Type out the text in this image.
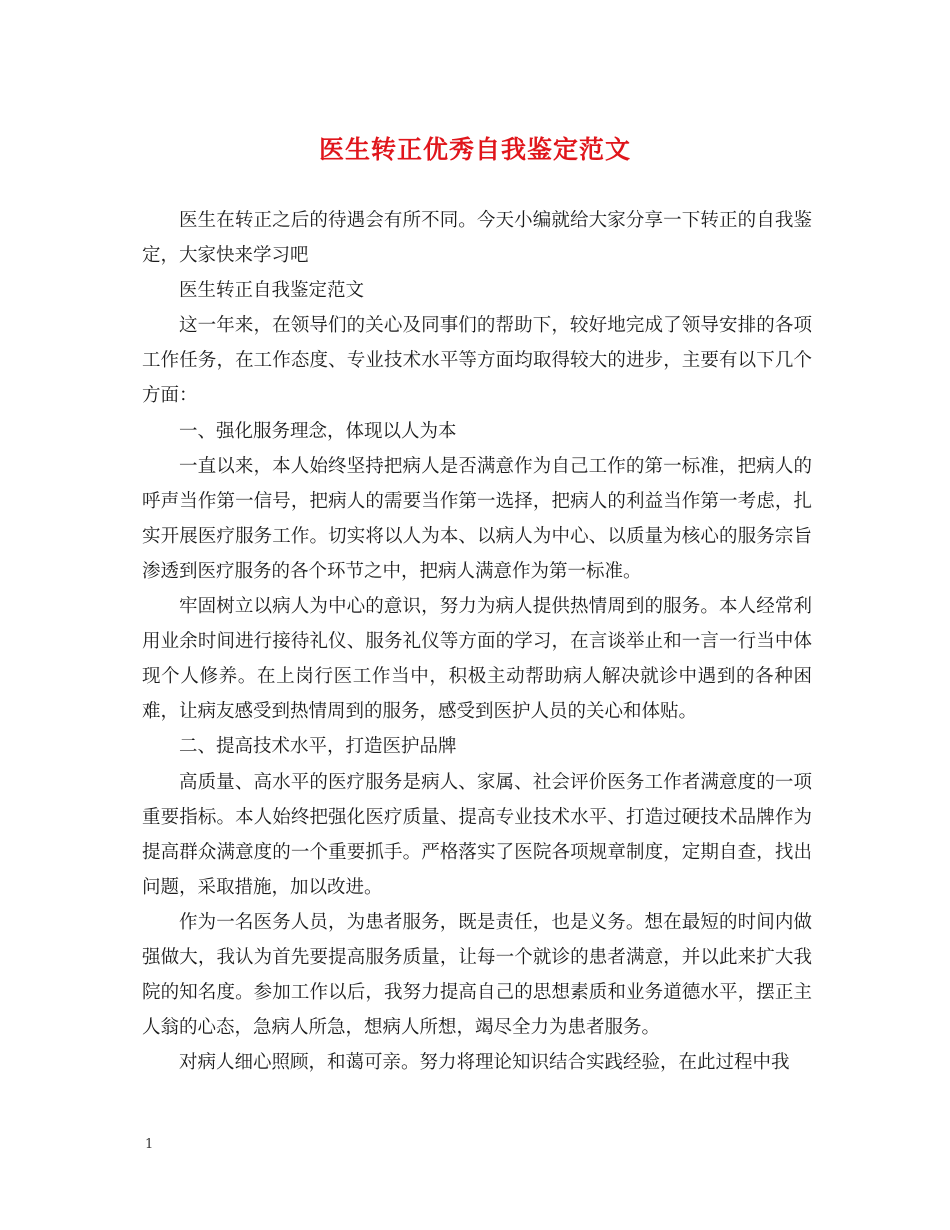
医生转正优秀自我鉴定范文

医生在转正之后的待遇会有所不同。今天小编就给大家分享一下转正的自我鉴定，大家快来学习吧

医生转正自我鉴定范文

这一年来，在领导们的关心及同事们的帮助下，较好地完成了领导安排的各项工作任务，在工作态度、专业技术水平等方面均取得较大的进步，主要有以下几个方面：

一、强化服务理念，体现以人为本

一直以来，本人始终坚持把病人是否满意作为自己工作的第一标准，把病人的呼声当作第一信号，把病人的需要当作第一选择，把病人的利益当作第一考虑，扎实开展医疗服务工作。切实将以人为本、以病人为中心、以质量为核心的服务宗旨渗透到医疗服务的各个环节之中，把病人满意作为第一标准。

牢固树立以病人为中心的意识，努力为病人提供热情周到的服务。本人经常利用业余时间进行接待礼仪、服务礼仪等方面的学习，在言谈举止和一言一行当中体现个人修养。在上岗行医工作当中，积极主动帮助病人解决就诊中遇到的各种困难，让病友感受到热情周到的服务，感受到医护人员的关心和体贴。

二、提高技术水平，打造医护品牌

高质量、高水平的医疗服务是病人、家属、社会评价医务工作者满意度的一项重要指标。本人始终把强化医疗质量、提高专业技术水平、打造过硬技术品牌作为提高群众满意度的一个重要抓手。严格落实了医院各项规章制度，定期自查，找出问题，采取措施，加以改进。

作为一名医务人员，为患者服务，既是责任，也是义务。想在最短的时间内做强做大，我认为首先要提高服务质量，让每一个就诊的患者满意，并以此来扩大我院的知名度。参加工作以后，我努力提高自己的思想素质和业务道德水平，摆正主人翁的心态，急病人所急，想病人所想，竭尽全力为患者服务。

对病人细心照顾，和蔼可亲。努力将理论知识结合实践经验，在此过程中我

1
